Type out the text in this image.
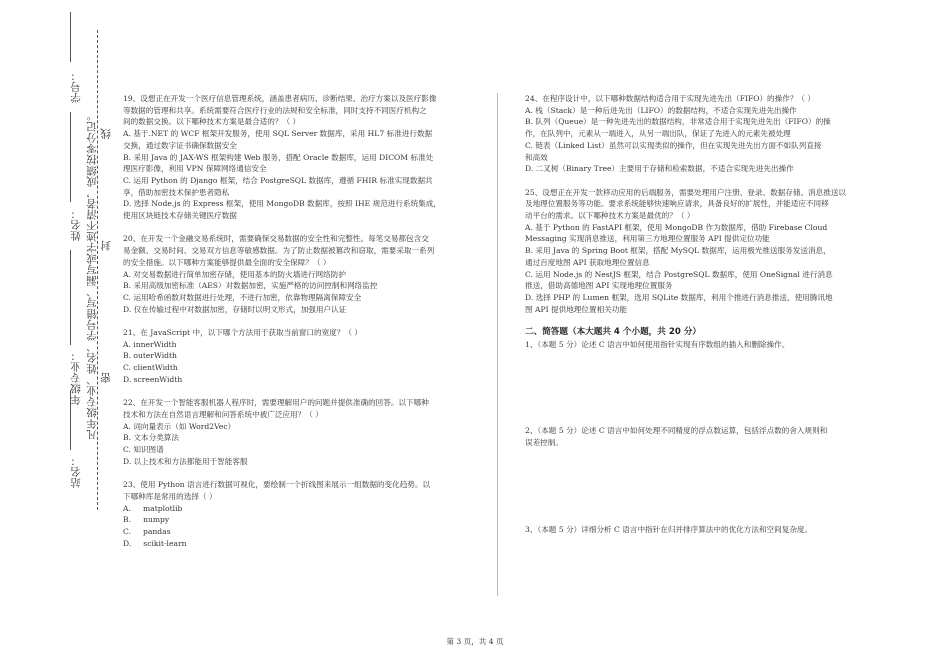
学号：
姓名：
年级专业：
站名：
凡年级专业、姓名、学号错写、漏写或字迹不清者，成绩按零分记。 密
封
线

19、设想正在开发一个医疗信息管理系统，涵盖患者病历、诊断结果、治疗方案以及医疗影像

等数据的管理和共享。系统需要符合医疗行业的法规和安全标准，同时支持不同医疗机构之

间的数据交换。以下哪种技术方案是最合适的？（ ）

A. 基于.NET 的 WCF 框架开发服务，使用 SQL Server 数据库，采用 HL7 标准进行数据

交换，通过数字证书确保数据安全

B. 采用 Java 的 JAX-WS 框架构建 Web 服务，搭配 Oracle 数据库，运用 DICOM 标准处

理医疗影像，利用 VPN 保障网络通信安全

C. 运用 Python 的 Django 框架，结合 PostgreSQL 数据库，遵循 FHIR 标准实现数据共

享，借助加密技术保护患者隐私

D. 选择 Node.js 的 Express 框架，使用 MongoDB 数据库，按照 IHE 规范进行系统集成，

使用区块链技术存储关键医疗数据

20、在开发一个金融交易系统时，需要确保交易数据的安全性和完整性。每笔交易都包含交

易金额、交易时间、交易双方信息等敏感数据。为了防止数据被篡改和窃取，需要采取一系列

的安全措施。以下哪种方案能够提供最全面的安全保障？（ ）

A. 对交易数据进行简单加密存储，使用基本的防火墙进行网络防护

B. 采用高级加密标准（AES）对数据加密，实施严格的访问控制和网络监控

C. 运用哈希函数对数据进行处理，不进行加密，依靠物理隔离保障安全

D. 仅在传输过程中对数据加密，存储时以明文形式，加强用户认证

21、在 JavaScript 中，以下哪个方法用于获取当前窗口的宽度？（ ）

A. innerWidth

B. outerWidth

C. clientWidth

D. screenWidth

22、在开发一个智能客服机器人程序时，需要理解用户的问题并提供准确的回答。以下哪种

技术和方法在自然语言理解和问答系统中被广泛应用？（ ）

A. 词向量表示（如 Word2Vec）

B. 文本分类算法

C. 知识图谱

D. 以上技术和方法都能用于智能客服

23、使用 Python 语言进行数据可视化，要绘制一个折线图来展示一组数据的变化趋势。以

下哪种库是常用的选择（ ）

A.     matplotlib

B.     numpy

C.     pandas

D.     scikit-learn

24、在程序设计中，以下哪种数据结构适合用于实现先进先出（FIFO）的操作？（ ）

A. 栈（Stack）是一种后进先出（LIFO）的数据结构，不适合实现先进先出操作

B. 队列（Queue）是一种先进先出的数据结构，非常适合用于实现先进先出（FIFO）的操

作，在队列中，元素从一端进入，从另一端出队，保证了先进入的元素先被处理

C. 链表（Linked List）虽然可以实现类似的操作，但在实现先进先出方面不如队列直接

和高效

D. 二叉树（Binary Tree）主要用于存储和检索数据，不适合实现先进先出操作

25、设想正在开发一款移动应用的后端服务，需要处理用户注册、登录、数据存储、消息推送以

及地理位置服务等功能。要求系统能够快速响应请求，具备良好的扩展性，并能适应不同移

动平台的需求。以下哪种技术方案是最优的？（ ）

A. 基于 Python 的 FastAPI 框架，使用 MongoDB 作为数据库，借助 Firebase Cloud

Messaging 实现消息推送，利用第三方地理位置服务 API 提供定位功能

B. 采用 Java 的 Spring Boot 框架，搭配 MySQL 数据库，运用极光推送服务发送消息，

通过百度地图 API 获取地理位置信息

C. 运用 Node.js 的 NestJS 框架，结合 PostgreSQL 数据库，使用 OneSignal 进行消息

推送，借助高德地图 API 实现地理位置服务

D. 选择 PHP 的 Lumen 框架，选用 SQLite 数据库，利用个推进行消息推送，使用腾讯地

图 API 提供地理位置相关功能

二、简答题（本大题共 4 个小题，共 20 分）

1、（本题 5 分）论述 C 语言中如何使用指针实现有序数组的插入和删除操作。

2、（本题 5 分）论述 C 语言中如何处理不同精度的浮点数运算，包括浮点数的舍入规则和

误差控制。

3、（本题 5 分）详细分析 C 语言中指针在归并排序算法中的优化方法和空间复杂度。

第 3 页，共 4 页
